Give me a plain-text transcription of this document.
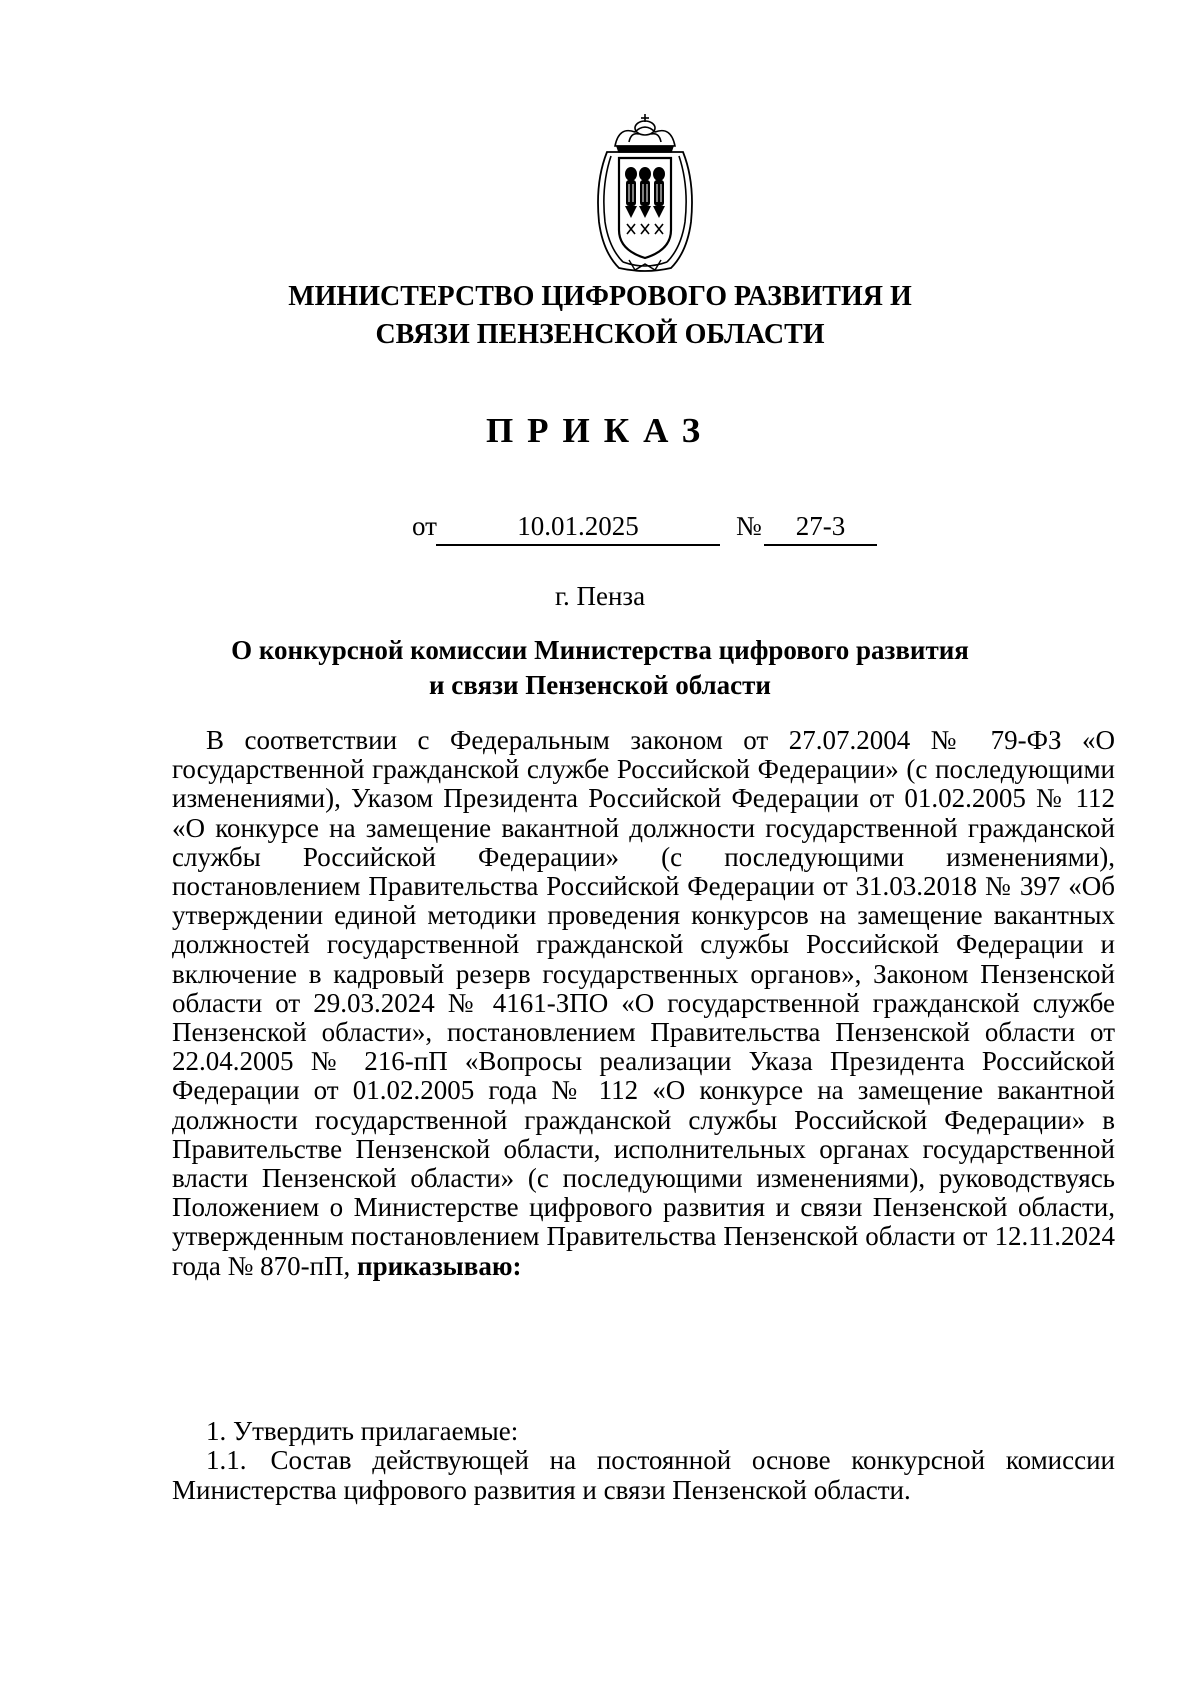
МИНИСТЕРСТВО ЦИФРОВОГО РАЗВИТИЯ И
СВЯЗИ ПЕНЗЕНСКОЙ ОБЛАСТИ
ПРИКАЗ
от	10.01.2025	№	27-3
г. Пенза
О конкурсной комиссии Министерства цифрового развития
и связи Пензенской области
В соответствии с Федеральным законом от 27.07.2004 № 79-ФЗ «О государственной гражданской службе Российской Федерации» (с последующими изменениями), Указом Президента Российской Федерации от 01.02.2005 № 112 «О конкурсе на замещение вакантной должности государственной гражданской службы Российской Федерации» (с последующими изменениями), постановлением Правительства Российской Федерации от 31.03.2018 № 397 «Об утверждении единой методики проведения конкурсов на замещение вакантных должностей государственной гражданской службы Российской Федерации и включение в кадровый резерв государственных органов», Законом Пензенской области от 29.03.2024 № 4161-ЗПО «О государственной гражданской службе Пензенской области», постановлением Правительства Пензенской области от 22.04.2005 № 216-пП «Вопросы реализации Указа Президента Российской Федерации от 01.02.2005 года № 112 «О конкурсе на замещение вакантной должности государственной гражданской службы Российской Федерации» в Правительстве Пензенской области, исполнительных органах государственной власти Пензенской области» (с последующими изменениями), руководствуясь Положением о Министерстве цифрового развития и связи Пензенской области, утвержденным постановлением Правительства Пензенской области от 12.11.2024 года № 870-пП, приказываю:
1. Утвердить прилагаемые:
1.1. Состав действующей на постоянной основе конкурсной комиссии Министерства цифрового развития и связи Пензенской области.
